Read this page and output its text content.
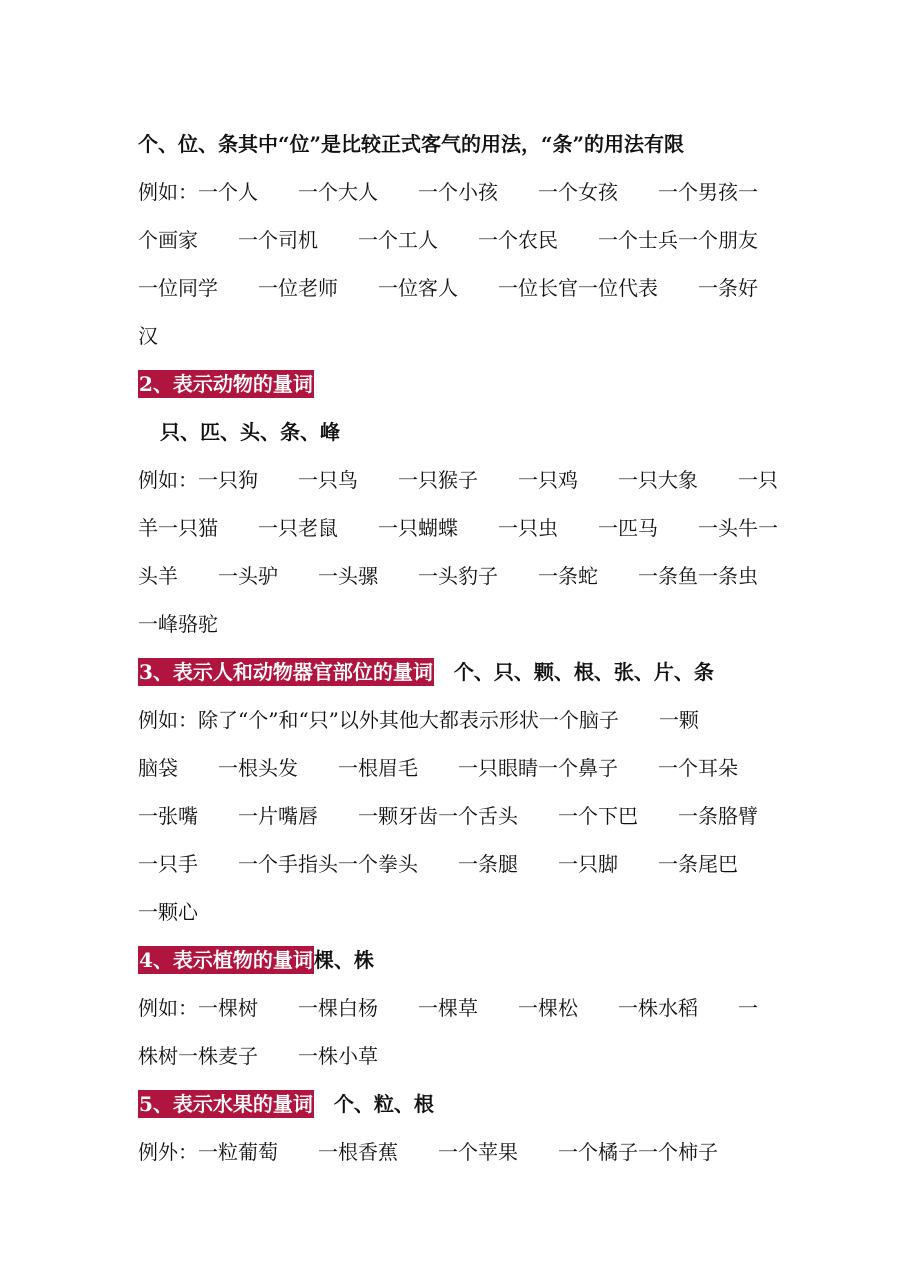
个、位、条其中“位”是比较正式客气的用法，“条”的用法有限
例如：一个人　　一个大人　　一个小孩　　一个女孩　　一个男孩一
个画家　　一个司机　　一个工人　　一个农民　　一个士兵一个朋友
一位同学　　一位老师　　一位客人　　一位长官一位代表　　一条好
汉
2、表示动物的量词
只、匹、头、条、峰
例如：一只狗　　一只鸟　　一只猴子　　一只鸡　　一只大象　　一只
羊一只猫　　一只老鼠　　一只蝴蝶　　一只虫　　一匹马　　一头牛一
头羊　　一头驴　　一头骡　　一头豹子　　一条蛇　　一条鱼一条虫
一峰骆驼
3、表示人和动物器官部位的量词　个、只、颗、根、张、片、条
例如：除了“个”和“只”以外其他大都表示形状一个脑子　　一颗
脑袋　　一根头发　　一根眉毛　　一只眼睛一个鼻子　　一个耳朵
一张嘴　　一片嘴唇　　一颗牙齿一个舌头　　一个下巴　　一条胳臂
一只手　　一个手指头一个拳头　　一条腿　　一只脚　　一条尾巴
一颗心
4、表示植物的量词棵、株
例如：一棵树　　一棵白杨　　一棵草　　一棵松　　一株水稻　　一
株树一株麦子　　一株小草
5、表示水果的量词　个、粒、根
例外：一粒葡萄　　一根香蕉　　一个苹果　　一个橘子一个柿子
